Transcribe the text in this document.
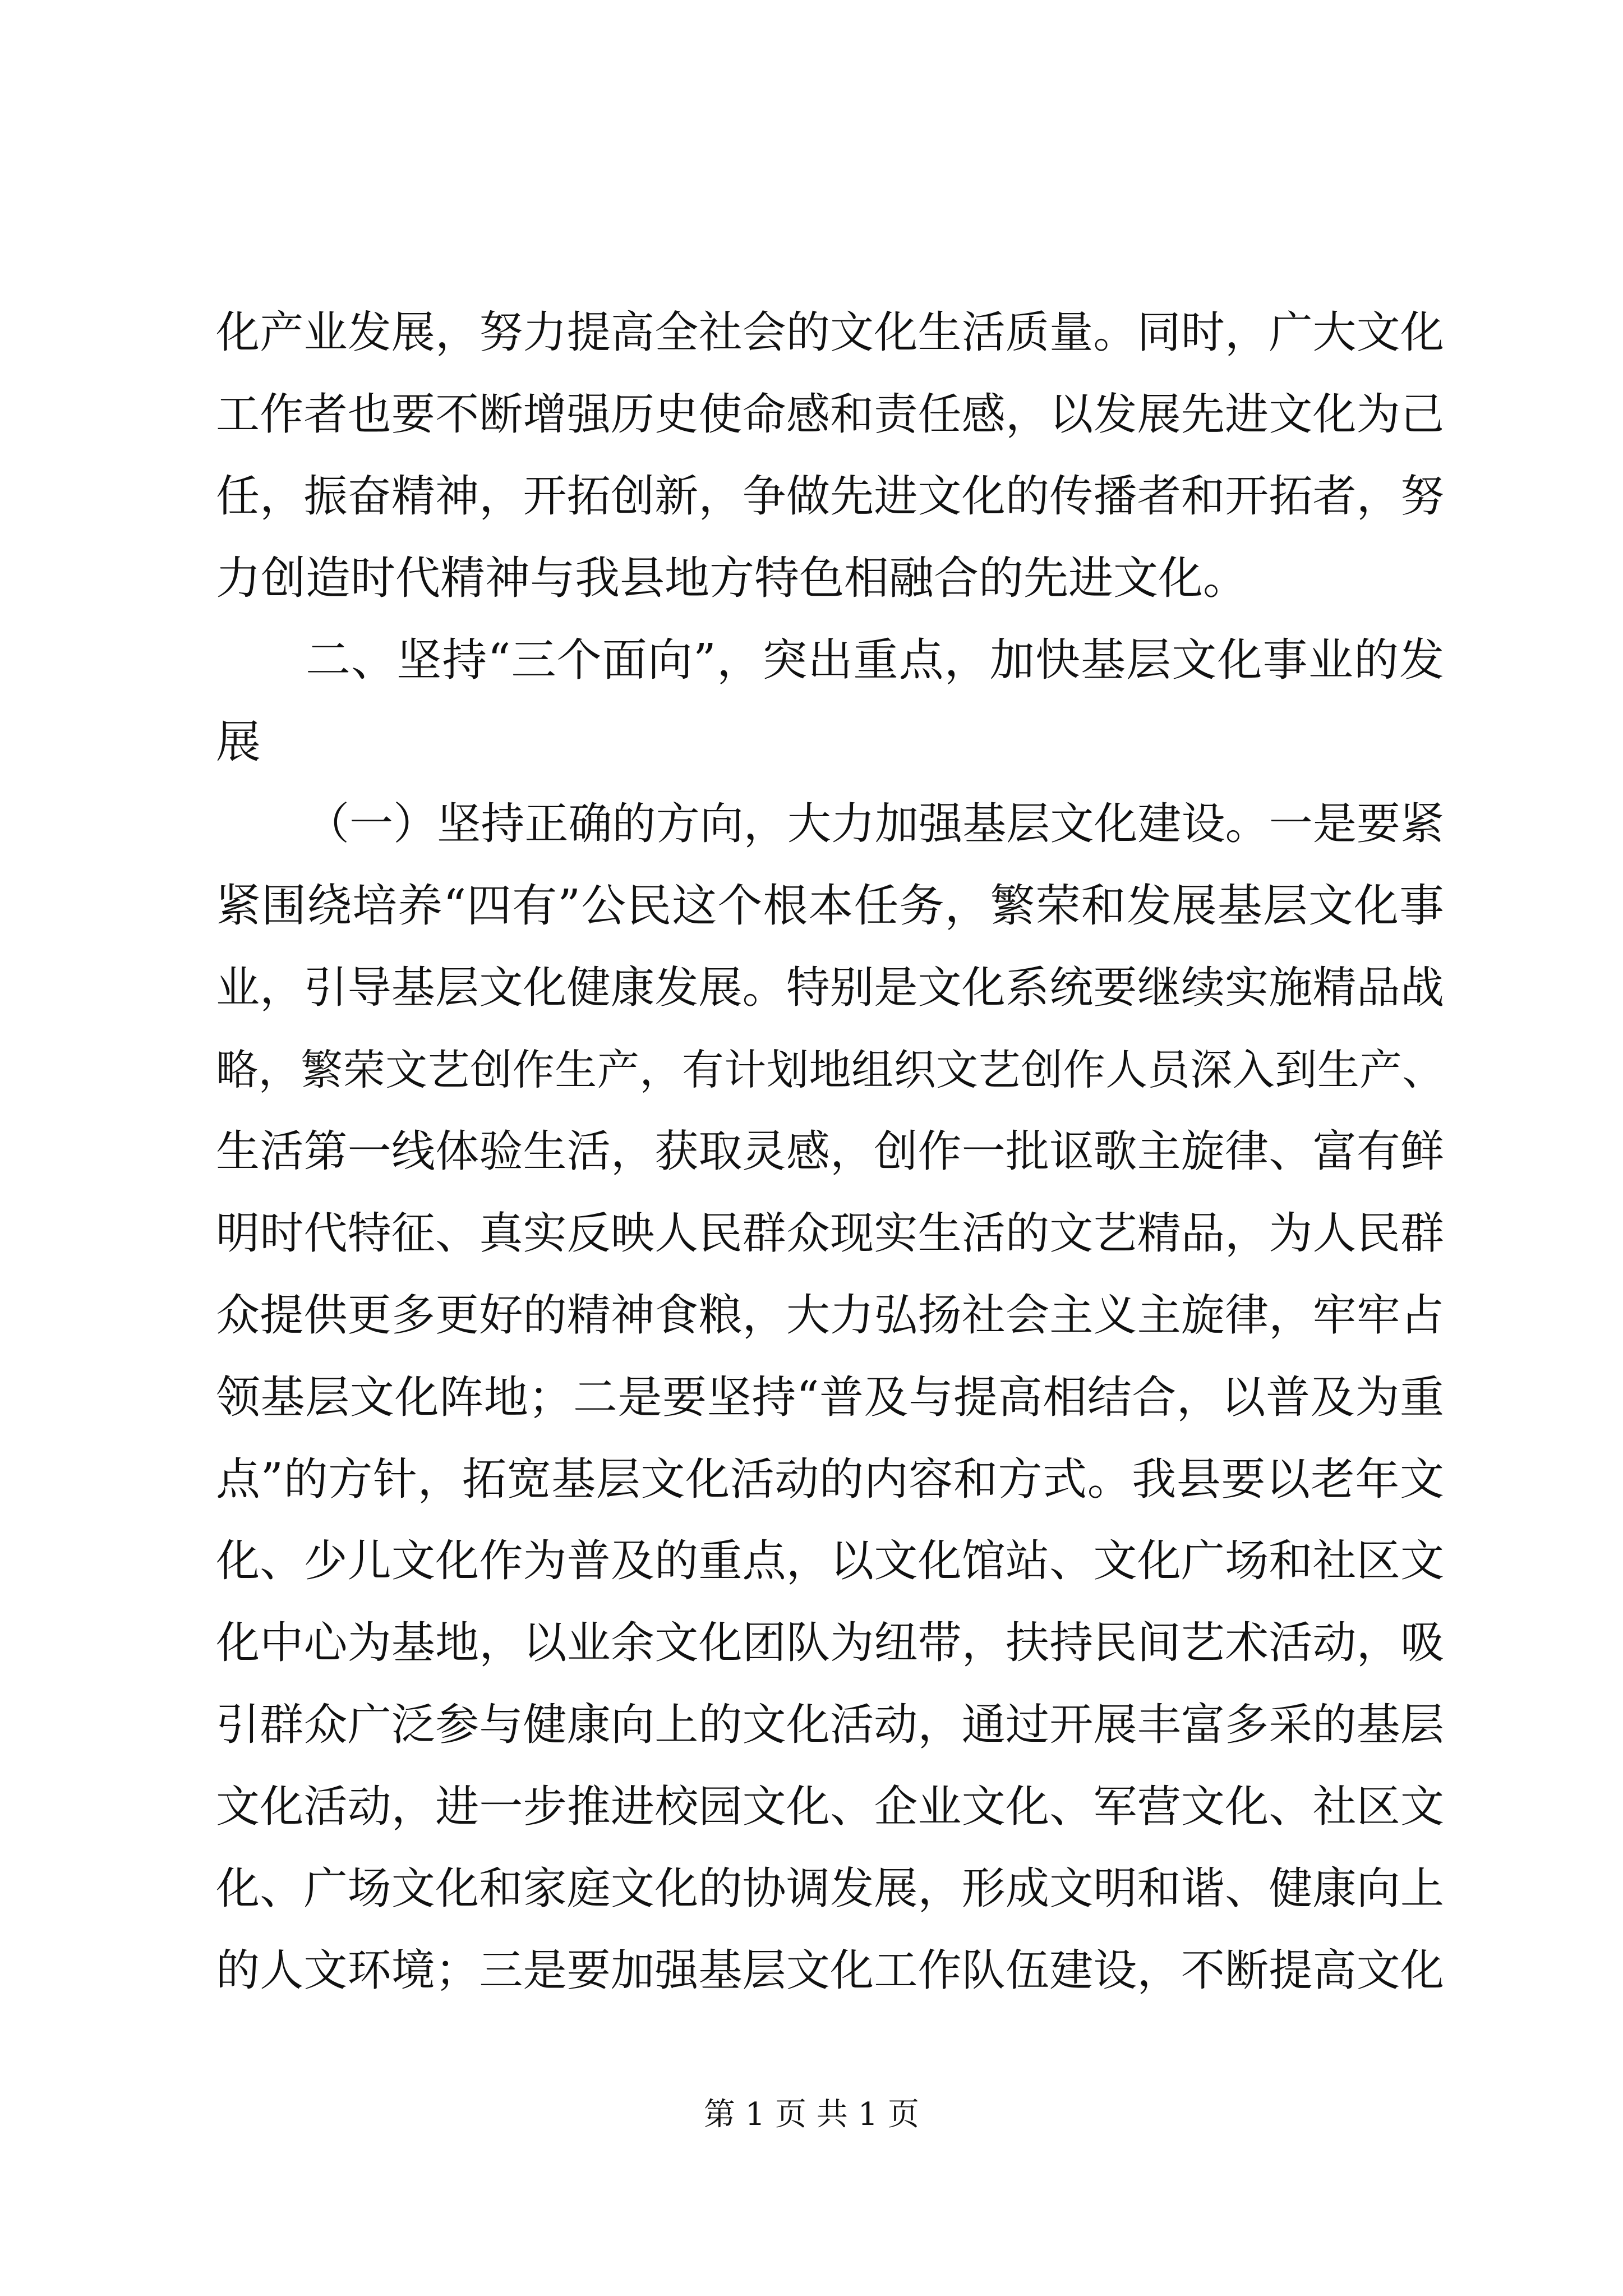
化产业发展，努力提高全社会的文化生活质量。同时，广大文化
工作者也要不断增强历史使命感和责任感，以发展先进文化为己
任，振奋精神，开拓创新，争做先进文化的传播者和开拓者，努
力创造时代精神与我县地方特色相融合的先进文化。
二、坚持“三个面向”，突出重点，加快基层文化事业的发
展
（一）坚持正确的方向，大力加强基层文化建设。一是要紧
紧围绕培养“四有”公民这个根本任务，繁荣和发展基层文化事
业，引导基层文化健康发展。特别是文化系统要继续实施精品战
略，繁荣文艺创作生产，有计划地组织文艺创作人员深入到生产、
生活第一线体验生活，获取灵感，创作一批讴歌主旋律、富有鲜
明时代特征、真实反映人民群众现实生活的文艺精品，为人民群
众提供更多更好的精神食粮，大力弘扬社会主义主旋律，牢牢占
领基层文化阵地；二是要坚持“普及与提高相结合，以普及为重
点”的方针，拓宽基层文化活动的内容和方式。我县要以老年文
化、少儿文化作为普及的重点，以文化馆站、文化广场和社区文
化中心为基地，以业余文化团队为纽带，扶持民间艺术活动，吸
引群众广泛参与健康向上的文化活动，通过开展丰富多采的基层
文化活动，进一步推进校园文化、企业文化、军营文化、社区文
化、广场文化和家庭文化的协调发展，形成文明和谐、健康向上
的人文环境；三是要加强基层文化工作队伍建设，不断提高文化
第 1 页 共 1 页
